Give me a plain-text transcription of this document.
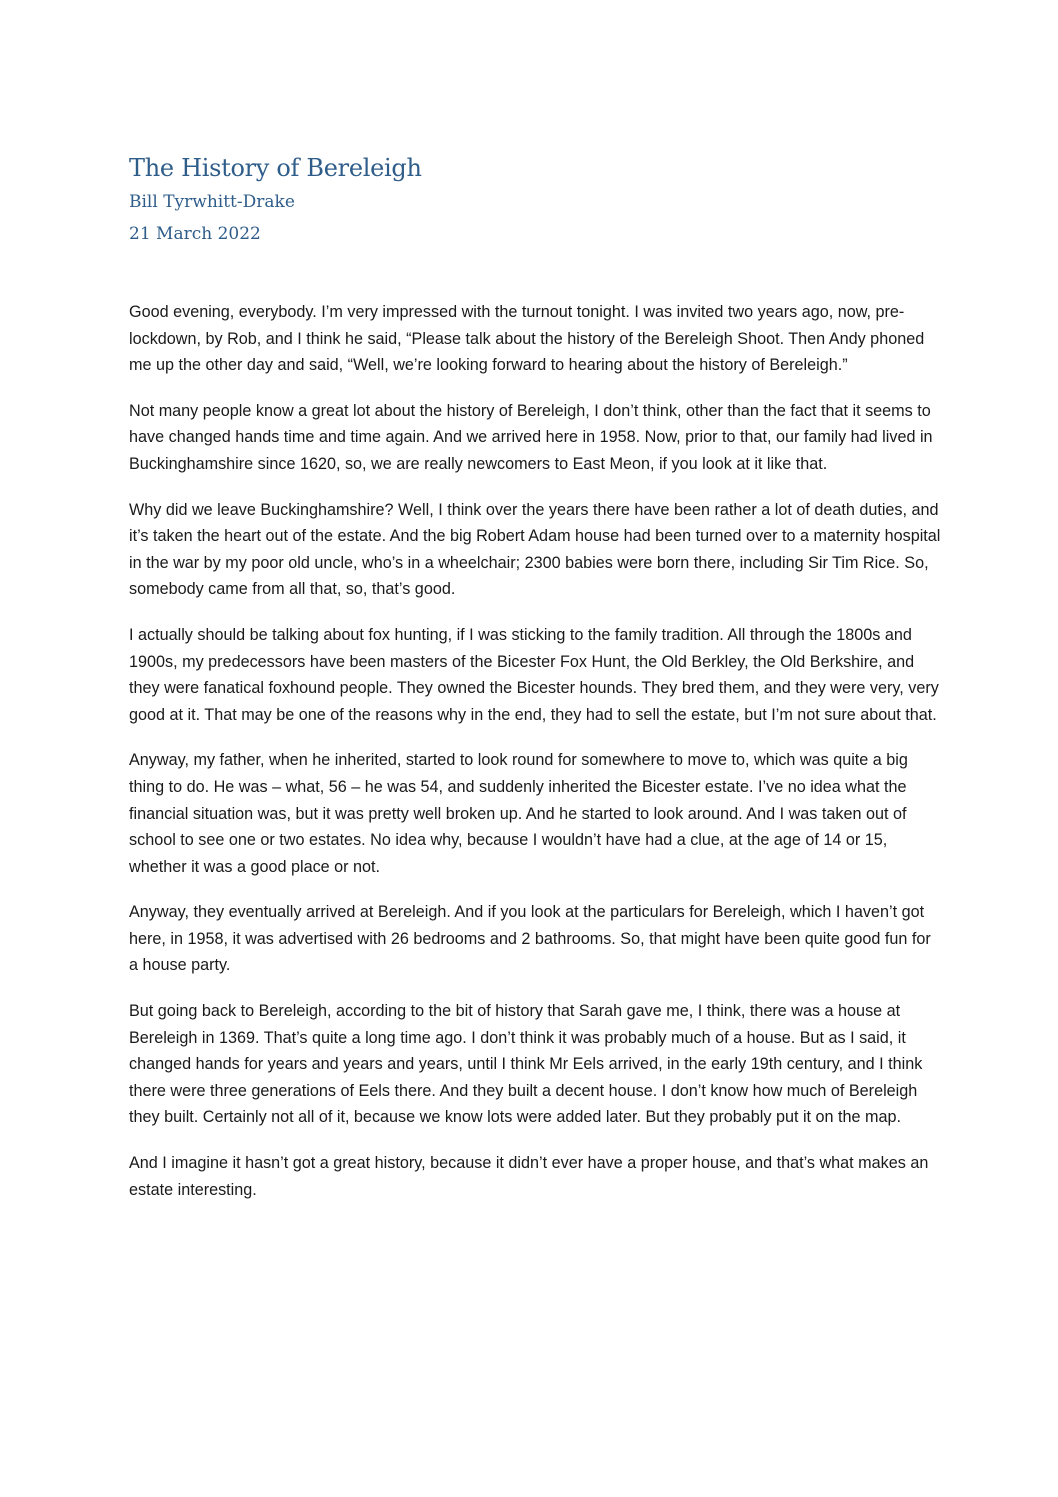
The History of Bereleigh

Bill Tyrwhitt-Drake

21 March 2022

Good evening, everybody. I’m very impressed with the turnout tonight. I was invited two years ago, now, pre-lockdown, by Rob, and I think he said, “Please talk about the history of the Bereleigh Shoot. Then Andy phoned me up the other day and said, “Well, we’re looking forward to hearing about the history of Bereleigh.”

Not many people know a great lot about the history of Bereleigh, I don’t think, other than the fact that it seems to have changed hands time and time again. And we arrived here in 1958. Now, prior to that, our family had lived in Buckinghamshire since 1620, so, we are really newcomers to East Meon, if you look at it like that.

Why did we leave Buckinghamshire? Well, I think over the years there have been rather a lot of death duties, and it’s taken the heart out of the estate. And the big Robert Adam house had been turned over to a maternity hospital in the war by my poor old uncle, who’s in a wheelchair; 2300 babies were born there, including Sir Tim Rice. So, somebody came from all that, so, that’s good.

I actually should be talking about fox hunting, if I was sticking to the family tradition. All through the 1800s and 1900s, my predecessors have been masters of the Bicester Fox Hunt, the Old Berkley, the Old Berkshire, and they were fanatical foxhound people. They owned the Bicester hounds. They bred them, and they were very, very good at it. That may be one of the reasons why in the end, they had to sell the estate, but I’m not sure about that.

Anyway, my father, when he inherited, started to look round for somewhere to move to, which was quite a big thing to do. He was – what, 56 – he was 54, and suddenly inherited the Bicester estate. I’ve no idea what the financial situation was, but it was pretty well broken up. And he started to look around. And I was taken out of school to see one or two estates. No idea why, because I wouldn’t have had a clue, at the age of 14 or 15, whether it was a good place or not.

Anyway, they eventually arrived at Bereleigh. And if you look at the particulars for Bereleigh, which I haven’t got here, in 1958, it was advertised with 26 bedrooms and 2 bathrooms. So, that might have been quite good fun for a house party.

But going back to Bereleigh, according to the bit of history that Sarah gave me, I think, there was a house at Bereleigh in 1369. That’s quite a long time ago. I don’t think it was probably much of a house. But as I said, it changed hands for years and years and years, until I think Mr Eels arrived, in the early 19th century, and I think there were three generations of Eels there. And they built a decent house. I don’t know how much of Bereleigh they built. Certainly not all of it, because we know lots were added later. But they probably put it on the map.

And I imagine it hasn’t got a great history, because it didn’t ever have a proper house, and that’s what makes an estate interesting.
